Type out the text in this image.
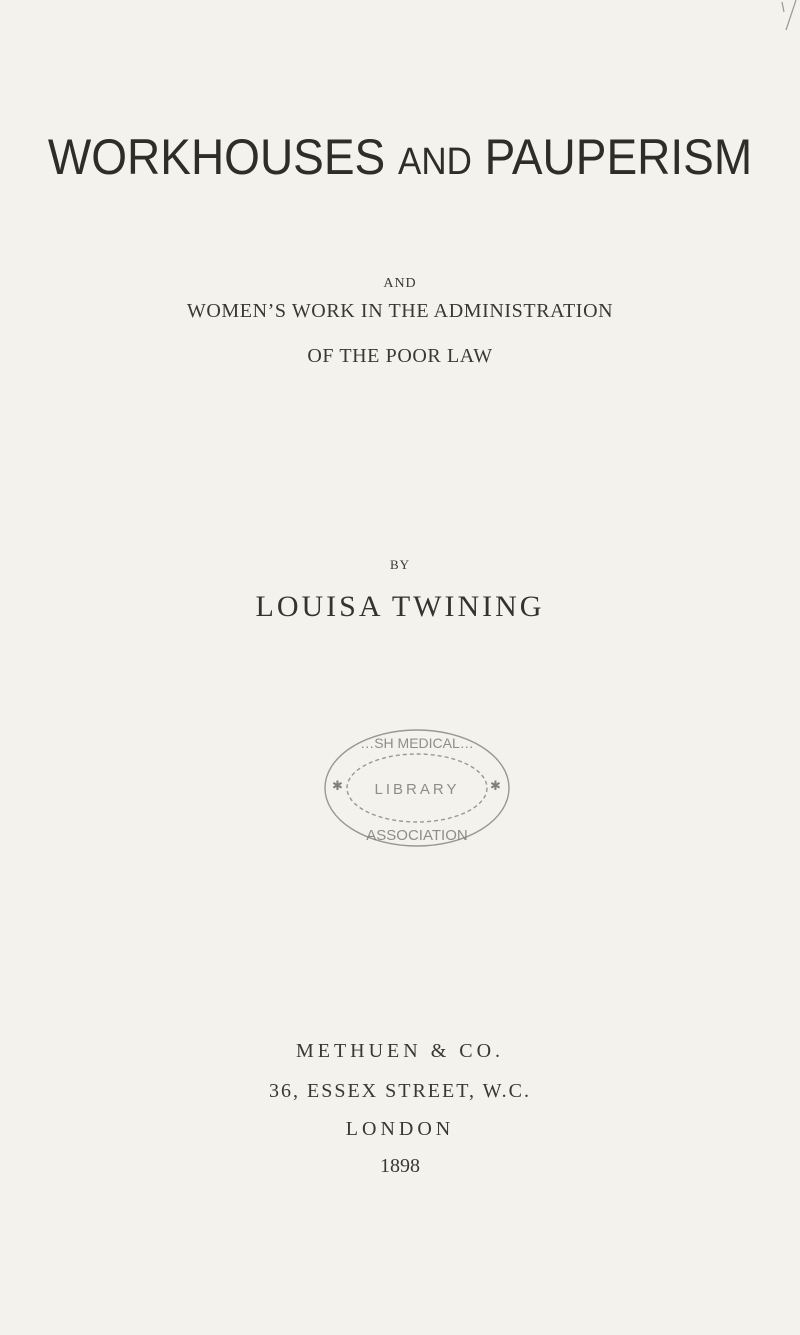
WORKHOUSES AND PAUPERISM
AND
WOMEN’S WORK IN THE ADMINISTRATION
OF THE POOR LAW
BY
LOUISA TWINING
…SH MEDICAL…
LIBRARY
ASSOCIATION
✱	✱
METHUEN & CO.
36, ESSEX STREET, W.C.
LONDON
1898
